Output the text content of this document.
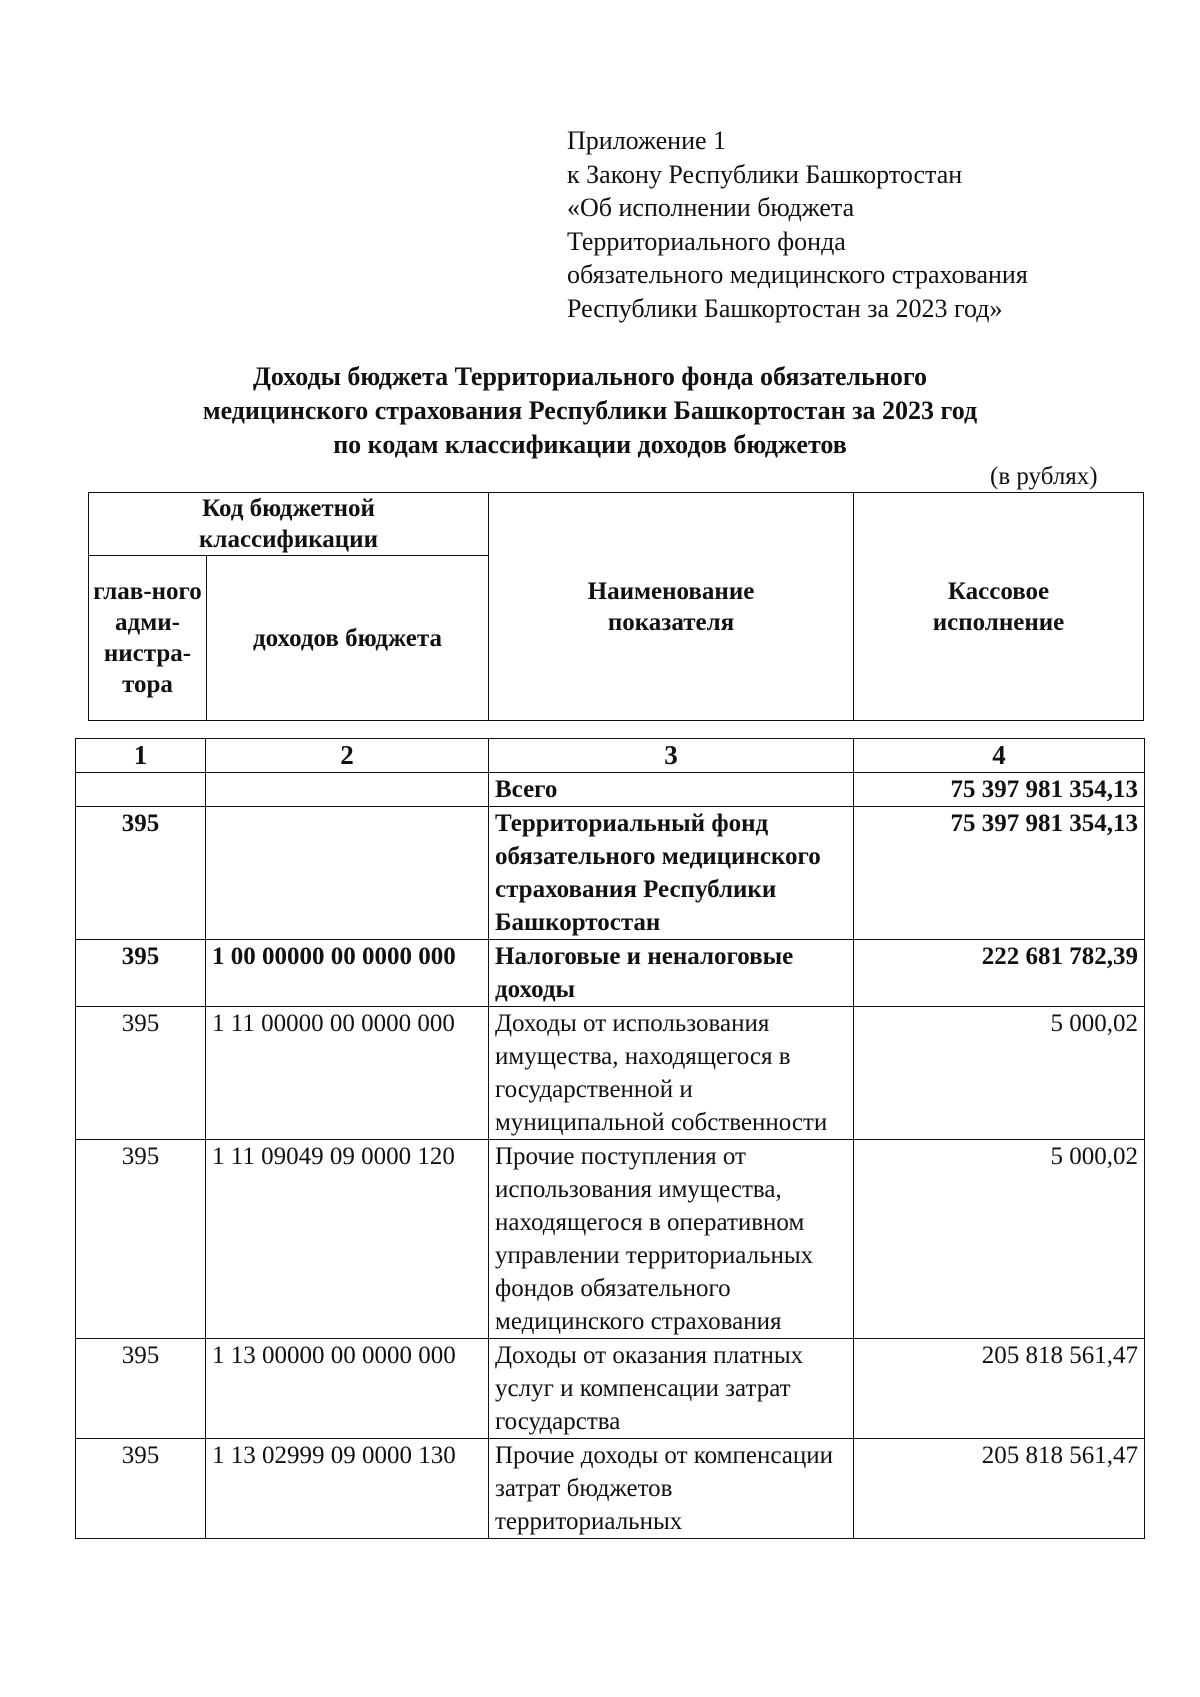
Приложение 1
к Закону Республики Башкортостан
«Об исполнении бюджета
Территориального фонда
обязательного медицинского страхования
Республики Башкортостан за 2023 год»
Доходы бюджета Территориального фонда обязательного
медицинского страхования Республики Башкортостан за 2023 год
по кодам классификации доходов бюджетов
(в рублях)
Код бюджетной классификации		Наименование показателя	Кассовое исполнение
глав-ного адми-нистра-тора	доходов бюджета		
1	2	3	4
		Всего	75 397 981 354,13
395		Территориальный фонд обязательного медицинского страхования Республики Башкортостан	75 397 981 354,13
395	1 00 00000 00 0000 000	Налоговые и неналоговые доходы	222 681 782,39
395	1 11 00000 00 0000 000	Доходы от использования имущества, находящегося в государственной и муниципальной собственности	5 000,02
395	1 11 09049 09 0000 120	Прочие поступления от использования имущества, находящегося в оперативном управлении территориальных фондов обязательного медицинского страхования	5 000,02
395	1 13 00000 00 0000 000	Доходы от оказания платных услуг и компенсации затрат государства	205 818 561,47
395	1 13 02999 09 0000 130	Прочие доходы от компенсации затрат бюджетов территориальных	205 818 561,47
